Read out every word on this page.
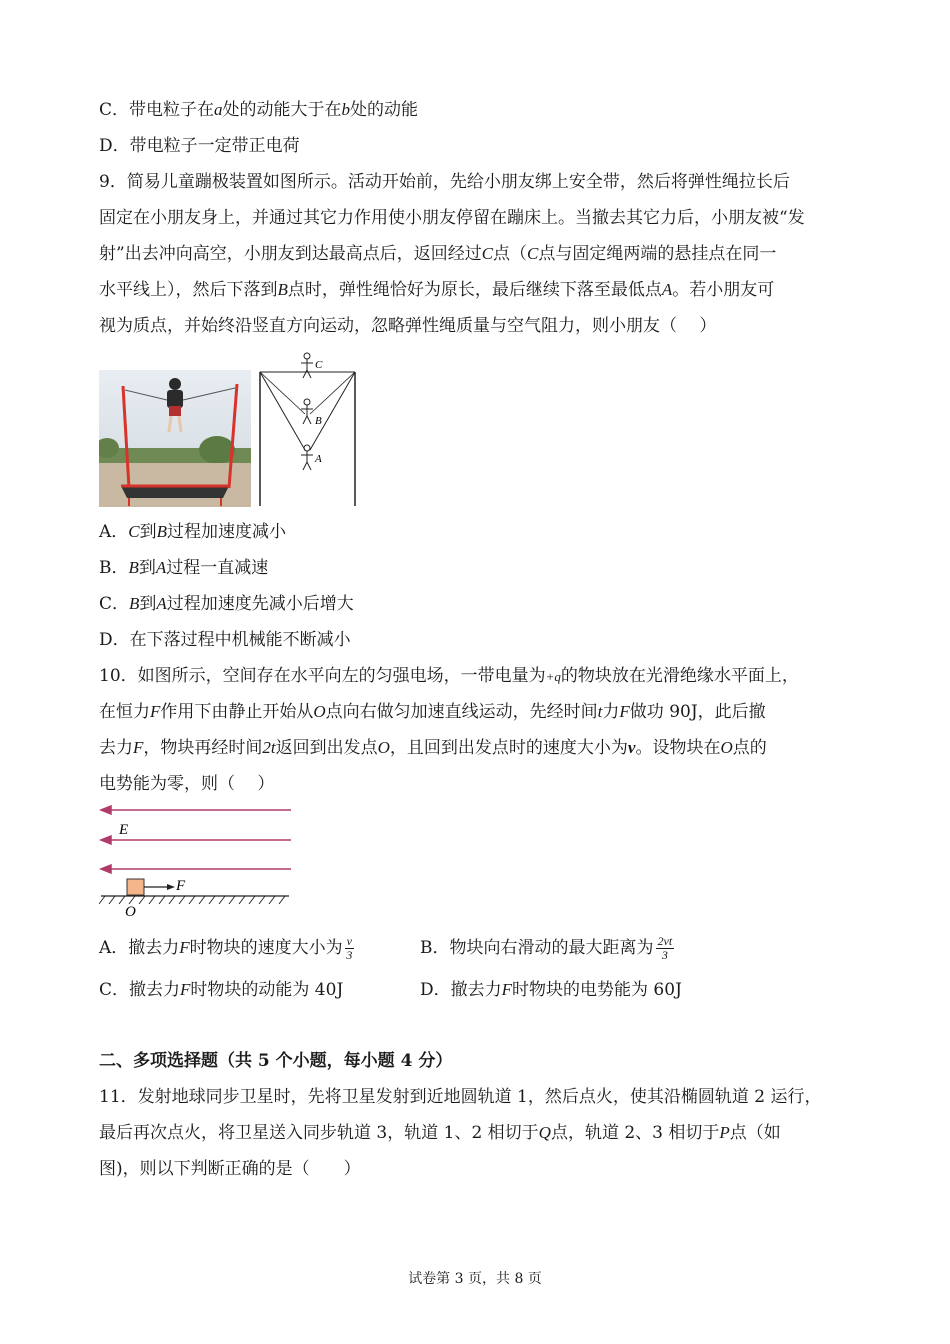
C．带电粒子在a处的动能大于在b处的动能
D．带电粒子一定带正电荷
9．简易儿童蹦极装置如图所示。活动开始前，先给小朋友绑上安全带，然后将弹性绳拉长后
固定在小朋友身上，并通过其它力作用使小朋友停留在蹦床上。当撤去其它力后，小朋友被“发
射”出去冲向高空，小朋友到达最高点后，返回经过C点（C点与固定绳两端的悬挂点在同一
水平线上），然后下落到B点时，弹性绳恰好为原长，最后继续下落至最低点A。若小朋友可
视为质点，并始终沿竖直方向运动，忽略弹性绳质量与空气阻力，则小朋友（　 ）
C
B
A
A．C到B过程加速度减小
B．B到A过程一直减速
C．B到A过程加速度先减小后增大
D．在下落过程中机械能不断减小
10．如图所示，空间存在水平向左的匀强电场，一带电量为+q的物块放在光滑绝缘水平面上，
在恒力F作用下由静止开始从O点向右做匀加速直线运动，先经时间t力F做功 90J，此后撤
去力F，物块再经时间2t返回到出发点O，且回到出发点时的速度大小为v。设物块在O点的
电势能为零，则（　 ）
E
F
O
A．撤去力F时物块的速度大小为 $\frac{v}{3}$	B．物块向右滑动的最大距离为 $\frac{2vt}{3}$
C．撤去力F时物块的动能为 40J	D．撤去力F时物块的电势能为 60J
二、多项选择题（共 5 个小题，每小题 4 分）
11．发射地球同步卫星时，先将卫星发射到近地圆轨道 1，然后点火，使其沿椭圆轨道 2 运行，
最后再次点火，将卫星送入同步轨道 3，轨道 1、2 相切于Q点，轨道 2、3 相切于P点（如
图)，则以下判断正确的是（　　）
试卷第 3 页，共 8 页
